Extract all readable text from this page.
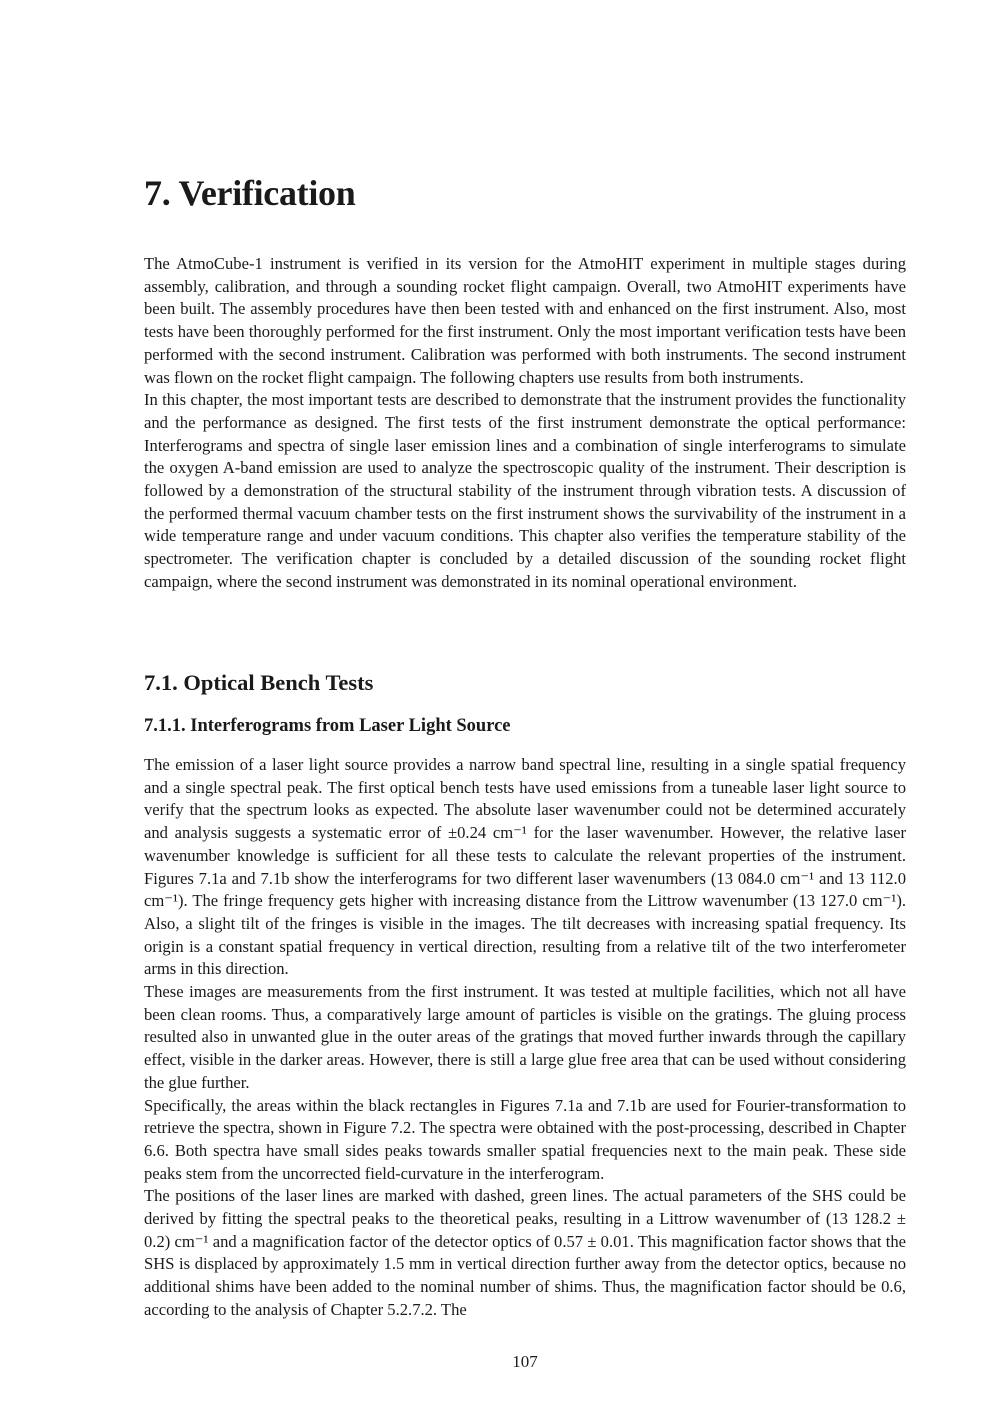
7. Verification

The AtmoCube-1 instrument is verified in its version for the AtmoHIT experiment in multiple stages during assembly, calibration, and through a sounding rocket flight campaign. Overall, two AtmoHIT experiments have been built. The assembly procedures have then been tested with and enhanced on the first instrument. Also, most tests have been thoroughly performed for the first instrument. Only the most important verification tests have been performed with the second instrument. Calibration was performed with both instruments. The second instrument was flown on the rocket flight campaign. The following chapters use results from both instruments.

In this chapter, the most important tests are described to demonstrate that the instrument provides the functionality and the performance as designed. The first tests of the first instrument demonstrate the optical performance: Interferograms and spectra of single laser emission lines and a combination of single interferograms to simulate the oxygen A-band emission are used to analyze the spectroscopic quality of the instrument. Their description is followed by a demonstration of the structural stability of the instrument through vibration tests. A discussion of the performed thermal vacuum chamber tests on the first instrument shows the survivability of the instrument in a wide temperature range and under vacuum conditions. This chapter also verifies the temperature stability of the spectrometer. The verification chapter is concluded by a detailed discussion of the sounding rocket flight campaign, where the second instrument was demonstrated in its nominal operational environment.

7.1. Optical Bench Tests
7.1.1. Interferograms from Laser Light Source

The emission of a laser light source provides a narrow band spectral line, resulting in a single spatial frequency and a single spectral peak. The first optical bench tests have used emissions from a tuneable laser light source to verify that the spectrum looks as expected. The absolute laser wavenumber could not be determined accurately and analysis suggests a systematic error of ±0.24 cm⁻¹ for the laser wavenumber. However, the relative laser wavenumber knowledge is sufficient for all these tests to calculate the relevant properties of the instrument. Figures 7.1a and 7.1b show the interferograms for two different laser wavenumbers (13 084.0 cm⁻¹ and 13 112.0 cm⁻¹). The fringe frequency gets higher with increasing distance from the Littrow wavenumber (13 127.0 cm⁻¹). Also, a slight tilt of the fringes is visible in the images. The tilt decreases with increasing spatial frequency. Its origin is a constant spatial frequency in vertical direction, resulting from a relative tilt of the two interferometer arms in this direction.

These images are measurements from the first instrument. It was tested at multiple facilities, which not all have been clean rooms. Thus, a comparatively large amount of particles is visible on the gratings. The gluing process resulted also in unwanted glue in the outer areas of the gratings that moved further inwards through the capillary effect, visible in the darker areas. However, there is still a large glue free area that can be used without considering the glue further.

Specifically, the areas within the black rectangles in Figures 7.1a and 7.1b are used for Fourier-transformation to retrieve the spectra, shown in Figure 7.2. The spectra were obtained with the post-processing, described in Chapter 6.6. Both spectra have small sides peaks towards smaller spatial frequencies next to the main peak. These side peaks stem from the uncorrected field-curvature in the interferogram.

The positions of the laser lines are marked with dashed, green lines. The actual parameters of the SHS could be derived by fitting the spectral peaks to the theoretical peaks, resulting in a Littrow wavenumber of (13 128.2 ± 0.2) cm⁻¹ and a magnification factor of the detector optics of 0.57 ± 0.01. This magnification factor shows that the SHS is displaced by approximately 1.5 mm in vertical direction further away from the detector optics, because no additional shims have been added to the nominal number of shims. Thus, the magnification factor should be 0.6, according to the analysis of Chapter 5.2.7.2. The

107
